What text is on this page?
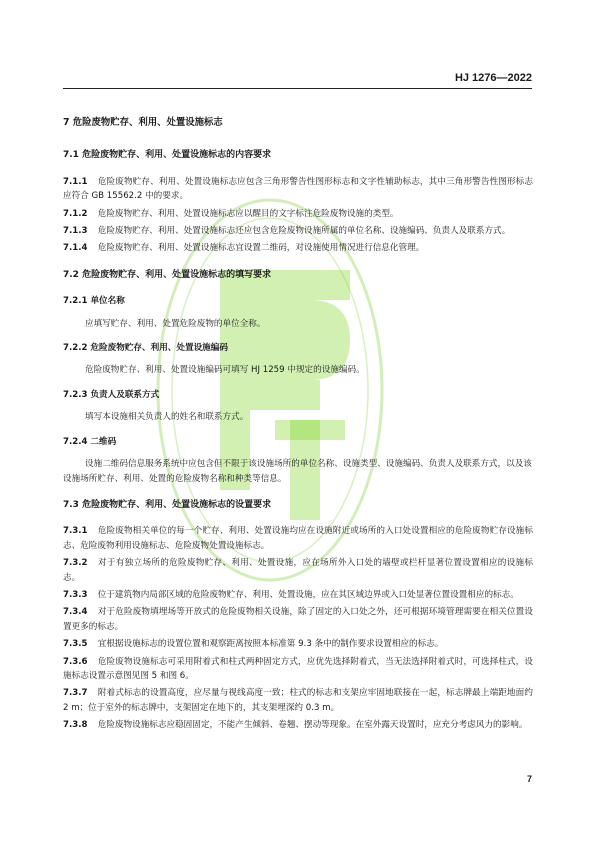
HJ 1276—2022
7 危险废物贮存、利用、处置设施标志
7.1 危险废物贮存、利用、处置设施标志的内容要求
7.1.1 危险废物贮存、利用、处置设施标志应包含三角形警告性图形标志和文字性辅助标志，其中三角形警告性图形标志应符合 GB 15562.2 中的要求。
7.1.2 危险废物贮存、利用、处置设施标志应以醒目的文字标注危险废物设施的类型。
7.1.3 危险废物贮存、利用、处置设施标志还应包含危险废物设施所属的单位名称、设施编码、负责人及联系方式。
7.1.4 危险废物贮存、利用、处置设施标志宜设置二维码，对设施使用情况进行信息化管理。
7.2 危险废物贮存、利用、处置设施标志的填写要求
7.2.1 单位名称
应填写贮存、利用、处置危险废物的单位全称。
7.2.2 危险废物贮存、利用、处置设施编码
危险废物贮存、利用、处置设施编码可填写 HJ 1259 中规定的设施编码。
7.2.3 负责人及联系方式
填写本设施相关负责人的姓名和联系方式。
7.2.4 二维码
设施二维码信息服务系统中应包含但不限于该设施场所的单位名称、设施类型、设施编码、负责人及联系方式，以及该设施场所贮存、利用、处置的危险废物名称和种类等信息。
7.3 危险废物贮存、利用、处置设施标志的设置要求
7.3.1 危险废物相关单位的每一个贮存、利用、处置设施均应在设施附近或场所的入口处设置相应的危险废物贮存设施标志、危险废物利用设施标志、危险废物处置设施标志。
7.3.2 对于有独立场所的危险废物贮存、利用、处置设施，应在场所外入口处的墙壁或栏杆显著位置设置相应的设施标志。
7.3.3 位于建筑物内局部区域的危险废物贮存、利用、处置设施，应在其区域边界或入口处显著位置设置相应的标志。
7.3.4 对于危险废物填埋场等开放式的危险废物相关设施，除了固定的入口处之外，还可根据环境管理需要在相关位置设置更多的标志。
7.3.5 宜根据设施标志的设置位置和观察距离按照本标准第 9.3 条中的制作要求设置相应的标志。
7.3.6 危险废物设施标志可采用附着式和柱式两种固定方式，应优先选择附着式，当无法选择附着式时，可选择柱式，设施标志设置示意图见图 5 和图 6。
7.3.7 附着式标志的设置高度，应尽量与视线高度一致；柱式的标志和支架应牢固地联接在一起，标志牌最上端距地面约 2 m；位于室外的标志牌中，支架固定在地下的，其支架埋深约 0.3 m。
7.3.8 危险废物设施标志应稳固固定，不能产生倾斜、卷翘、摆动等现象。在室外露天设置时，应充分考虑风力的影响。
7
